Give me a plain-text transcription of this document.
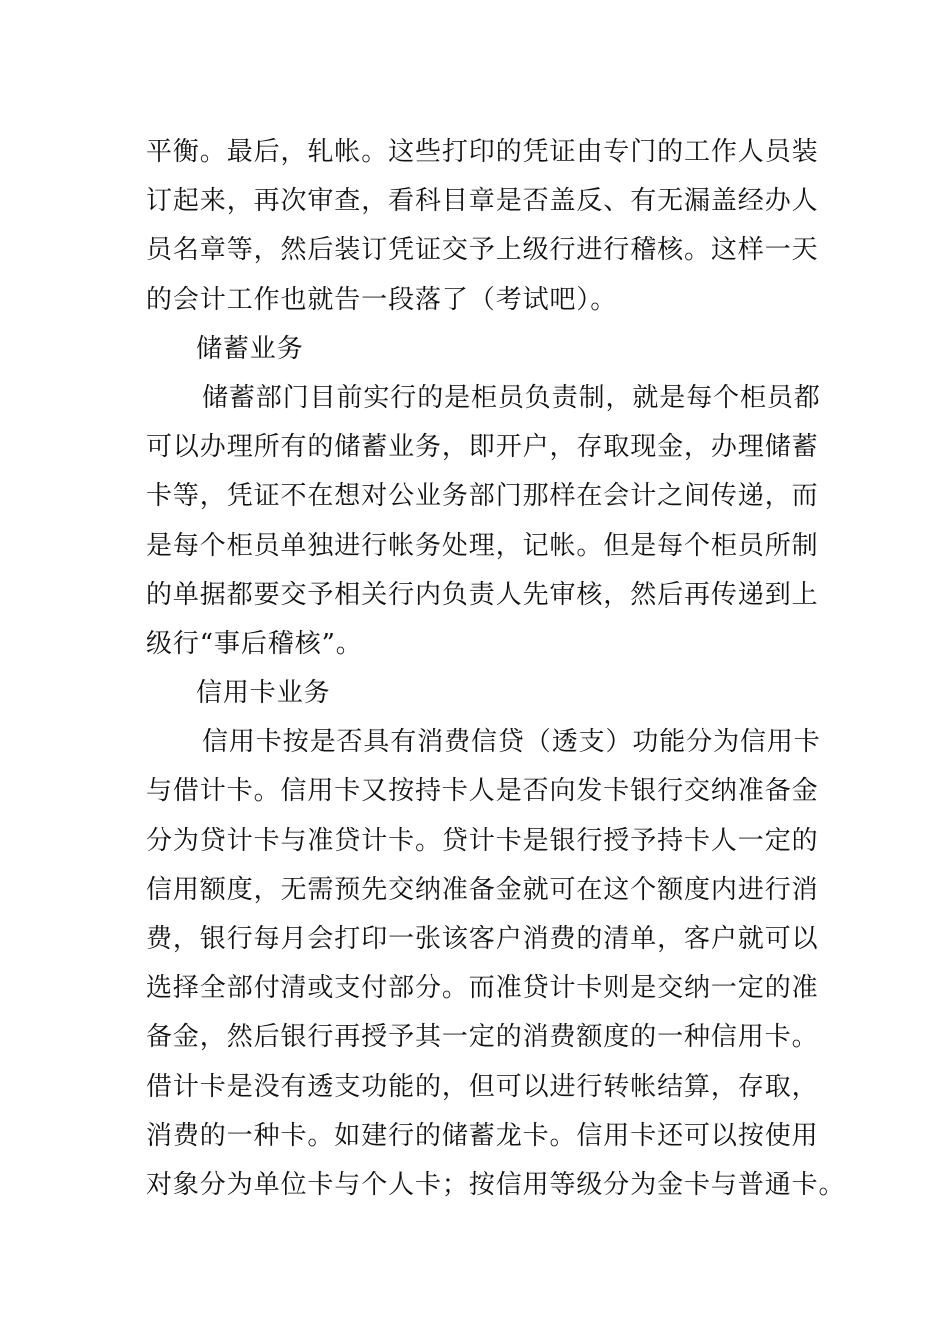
平衡。最后，轧帐。这些打印的凭证由专门的工作人员装
订起来，再次审查，看科目章是否盖反、有无漏盖经办人
员名章等，然后装订凭证交予上级行进行稽核。这样一天
的会计工作也就告一段落了（考试吧）。
储蓄业务
储蓄部门目前实行的是柜员负责制，就是每个柜员都
可以办理所有的储蓄业务，即开户，存取现金，办理储蓄
卡等，凭证不在想对公业务部门那样在会计之间传递，而
是每个柜员单独进行帐务处理，记帐。但是每个柜员所制
的单据都要交予相关行内负责人先审核，然后再传递到上
级行“事后稽核”。
信用卡业务
信用卡按是否具有消费信贷（透支）功能分为信用卡
与借计卡。信用卡又按持卡人是否向发卡银行交纳准备金
分为贷计卡与准贷计卡。贷计卡是银行授予持卡人一定的
信用额度，无需预先交纳准备金就可在这个额度内进行消
费，银行每月会打印一张该客户消费的清单，客户就可以
选择全部付清或支付部分。而准贷计卡则是交纳一定的准
备金，然后银行再授予其一定的消费额度的一种信用卡。
借计卡是没有透支功能的，但可以进行转帐结算，存取，
消费的一种卡。如建行的储蓄龙卡。信用卡还可以按使用
对象分为单位卡与个人卡；按信用等级分为金卡与普通卡。
